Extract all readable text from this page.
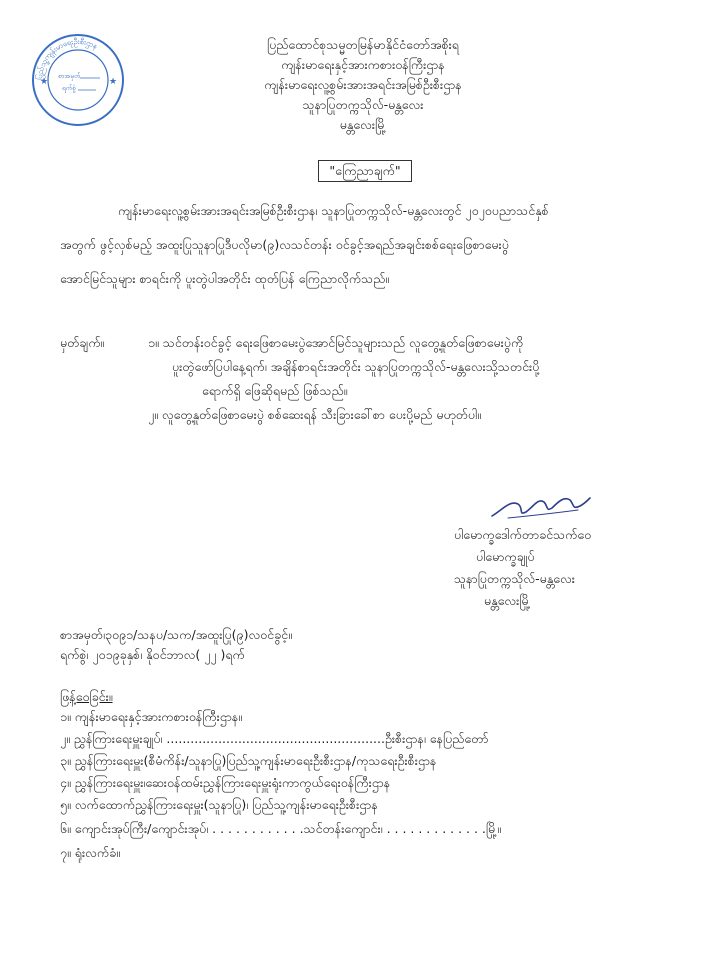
ပြည်သူ့ကျန်းမာရေးဦးစီးဌာန
စာအမှတ်
ရက်စွဲ
★	★
ပြည်ထောင်စုသမ္မတမြန်မာနိုင်ငံတော်အစိုးရ
ကျန်းမာရေးနှင့်အားကစားဝန်ကြီးဌာန
ကျန်းမာရေးလူ့စွမ်းအားအရင်းအမြစ်ဦးစီးဌာန
သူနာပြုတက္ကသိုလ်-မန္တလေး
မန္တလေးမြို့
"ကြေညာချက်"
ကျန်းမာရေးလူ့စွမ်းအားအရင်းအမြစ်ဦးစီးဌာန၊ သူနာပြုတက္ကသိုလ်-မန္တလေးတွင် ၂၀၂၀ပညာသင်နှစ်
အတွက် ဖွင့်လှစ်မည့် အထူးပြုသူနာပြုဒီပလိုမာ(၉)လသင်တန်း ဝင်ခွင့်အရည်အချင်းစစ်ရေးဖြေစာမေးပွဲ
အောင်မြင်သူများ စာရင်းကို ပူးတွဲပါအတိုင်း ထုတ်ပြန် ကြေညာလိုက်သည်။
မှတ်ချက်။	၁။ သင်တန်းဝင်ခွင့် ရေးဖြေစာမေးပွဲအောင်မြင်သူများသည် လူတွေ့နှုတ်ဖြေစာမေးပွဲကို
ပူးတွဲဖော်ပြပါနေ့ရက်၊ အချိန်စာရင်းအတိုင်း သူနာပြုတက္ကသိုလ်-မန္တလေးသို့သတင်းပို့
ရောက်ရှိ ဖြေဆိုရမည် ဖြစ်သည်။
၂။ လူတွေ့နှုတ်ဖြေစာမေးပွဲ စစ်ဆေးရန် သီးခြားခေါ်စာ ပေးပို့မည် မဟုတ်ပါ။
ပါမောက္ခဒေါက်တာခင်သက်ဝေ
ပါမောက္ခချုပ်
သူနာပြုတက္ကသိုလ်-မန္တလေး
မန္တလေးမြို့
စာအမှတ်၊၃၀၉၁/သနပ/သက/အထူးပြု(၉)လဝင်ခွင့်။
ရက်စွဲ၊ ၂၀၁၉ခုနှစ်၊ နိုဝင်ဘာလ( ၂၂ )ရက်
ဖြန့်ဝေခြင်း။
၁။ ကျန်းမာရေးနှင့်အားကစားဝန်ကြီးဌာန။
၂။ ညွှန်ကြားရေးမှူးချုပ်၊ .......................................................ဦးစီးဌာန၊ နေပြည်တော်
၃။ ညွှန်ကြားရေးမှူး(စီမံကိန်း/သူနာပြု)ပြည်သူ့ကျန်းမာရေးဦးစီးဌာန/ကုသရေးဦးစီးဌာန
၄။ ညွှန်ကြားရေးမှူး၊ဆေးဝန်ထမ်းညွှန်ကြားရေးမှူးရုံးကာကွယ်ရေးဝန်ကြီးဌာန
၅။ လက်ထောက်ညွှန်ကြားရေးမှူး(သူနာပြု)၊ ပြည်သူ့ကျန်းမာရေးဦးစီးဌာန
၆။ ကျောင်းအုပ်ကြီး/ကျောင်းအုပ်၊ . . . . . . . . . . . .သင်တန်းကျောင်း၊ . . . . . . . . . . . . .မြို့။
၇။ ရုံးလက်ခံ။
